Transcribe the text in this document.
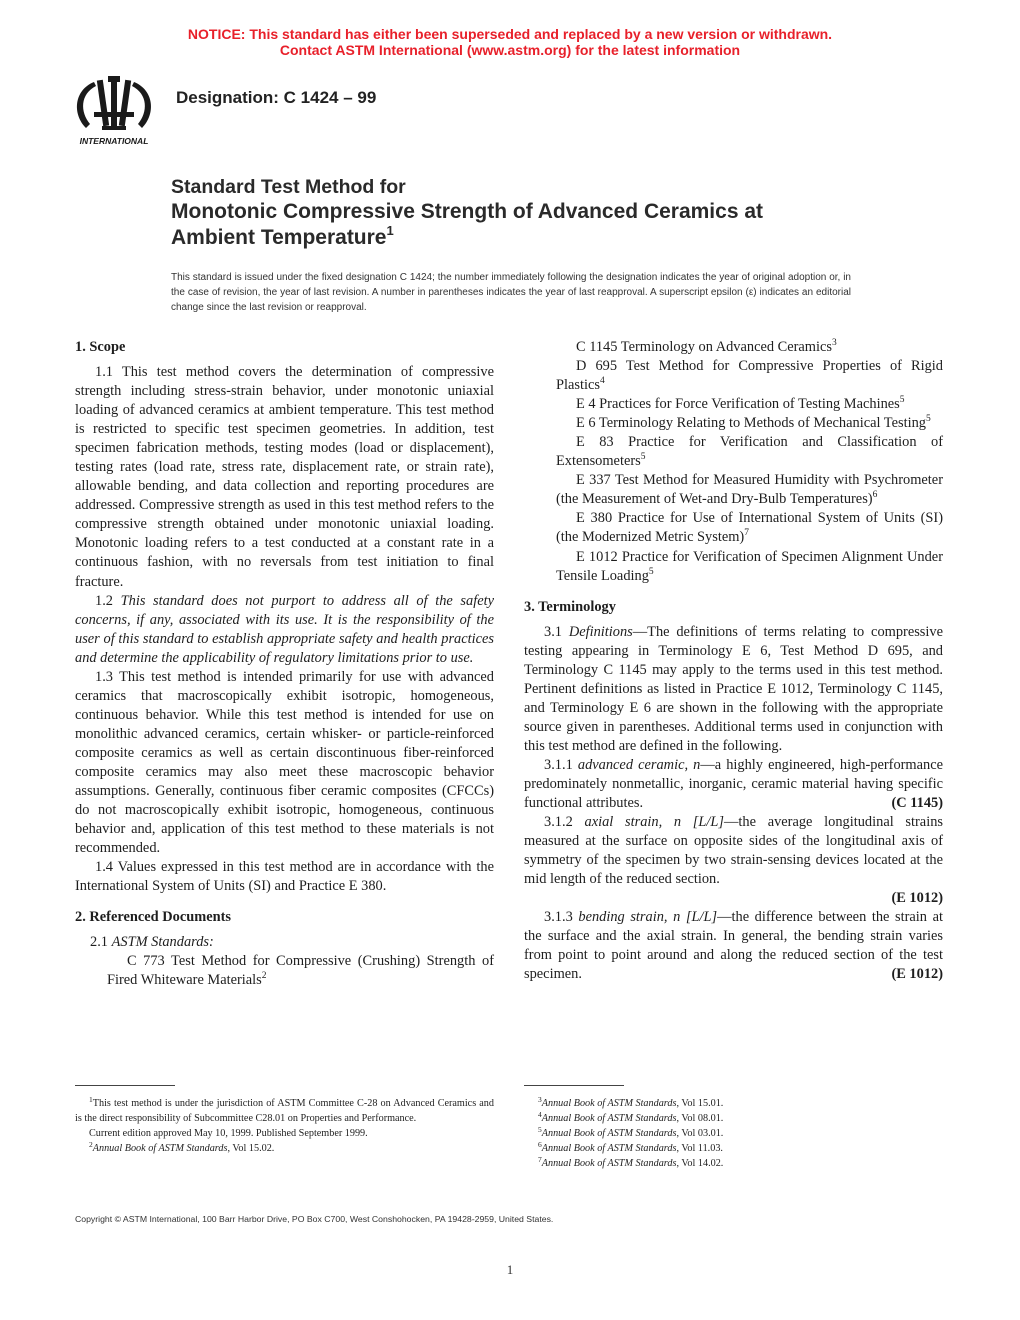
NOTICE: This standard has either been superseded and replaced by a new version or withdrawn.
Contact ASTM International (www.astm.org) for the latest information
INTERNATIONAL
Designation: C 1424 – 99
Standard Test Method for
Monotonic Compressive Strength of Advanced Ceramics at
Ambient Temperature$^1$
This standard is issued under the fixed designation C 1424; the number immediately following the designation indicates the year of original adoption or, in the case of revision, the year of last revision. A number in parentheses indicates the year of last reapproval. A superscript epsilon (ε) indicates an editorial change since the last revision or reapproval.
1. Scope

1.1 This test method covers the determination of compressive strength including stress-strain behavior, under monotonic uniaxial loading of advanced ceramics at ambient temperature. This test method is restricted to specific test specimen geometries. In addition, test specimen fabrication methods, testing modes (load or displacement), testing rates (load rate, stress rate, displacement rate, or strain rate), allowable bending, and data collection and reporting procedures are addressed. Compressive strength as used in this test method refers to the compressive strength obtained under monotonic uniaxial loading. Monotonic loading refers to a test conducted at a constant rate in a continuous fashion, with no reversals from test initiation to final fracture.

1.2 This standard does not purport to address all of the safety concerns, if any, associated with its use. It is the responsibility of the user of this standard to establish appropriate safety and health practices and determine the applicability of regulatory limitations prior to use.

1.3 This test method is intended primarily for use with advanced ceramics that macroscopically exhibit isotropic, homogeneous, continuous behavior. While this test method is intended for use on monolithic advanced ceramics, certain whisker- or particle-reinforced composite ceramics as well as certain discontinuous fiber-reinforced composite ceramics may also meet these macroscopic behavior assumptions. Generally, continuous fiber ceramic composites (CFCCs) do not macroscopically exhibit isotropic, homogeneous, continuous behavior and, application of this test method to these materials is not recommended.

1.4 Values expressed in this test method are in accordance with the International System of Units (SI) and Practice E 380.

2. Referenced Documents

2.1 ASTM Standards:

C 773 Test Method for Compressive (Crushing) Strength of Fired Whiteware Materials$^2$

C 1145 Terminology on Advanced Ceramics$^3$

D 695 Test Method for Compressive Properties of Rigid Plastics$^4$

E 4 Practices for Force Verification of Testing Machines$^5$

E 6 Terminology Relating to Methods of Mechanical Testing$^5$

E 83 Practice for Verification and Classification of Extensometers$^5$

E 337 Test Method for Measured Humidity with Psychrometer (the Measurement of Wet-and Dry-Bulb Temperatures)$^6$

E 380 Practice for Use of International System of Units (SI) (the Modernized Metric System)$^7$

E 1012 Practice for Verification of Specimen Alignment Under Tensile Loading$^5$

3. Terminology

3.1 Definitions—The definitions of terms relating to compressive testing appearing in Terminology E 6, Test Method D 695, and Terminology C 1145 may apply to the terms used in this test method. Pertinent definitions as listed in Practice E 1012, Terminology C 1145, and Terminology E 6 are shown in the following with the appropriate source given in parentheses. Additional terms used in conjunction with this test method are defined in the following.

3.1.1 advanced ceramic, n—a highly engineered, high-performance predominately nonmetallic, inorganic, ceramic material having specific functional attributes.	(C 1145)

3.1.2 axial strain, n [L/L]—the average longitudinal strains measured at the surface on opposite sides of the longitudinal axis of symmetry of the specimen by two strain-sensing devices located at the mid length of the reduced section.

(E 1012)

3.1.3 bending strain, n [L/L]—the difference between the strain at the surface and the axial strain. In general, the bending strain varies from point to point around and along the reduced section of the test specimen.	(E 1012)

$^1$This test method is under the jurisdiction of ASTM Committee C-28 on Advanced Ceramics and is the direct responsibility of Subcommittee C28.01 on Properties and Performance.

Current edition approved May 10, 1999. Published September 1999.

$^2$Annual Book of ASTM Standards, Vol 15.02.

$^3$Annual Book of ASTM Standards, Vol 15.01.

$^4$Annual Book of ASTM Standards, Vol 08.01.

$^5$Annual Book of ASTM Standards, Vol 03.01.

$^6$Annual Book of ASTM Standards, Vol 11.03.

$^7$Annual Book of ASTM Standards, Vol 14.02.

Copyright © ASTM International, 100 Barr Harbor Drive, PO Box C700, West Conshohocken, PA 19428-2959, United States.
1
